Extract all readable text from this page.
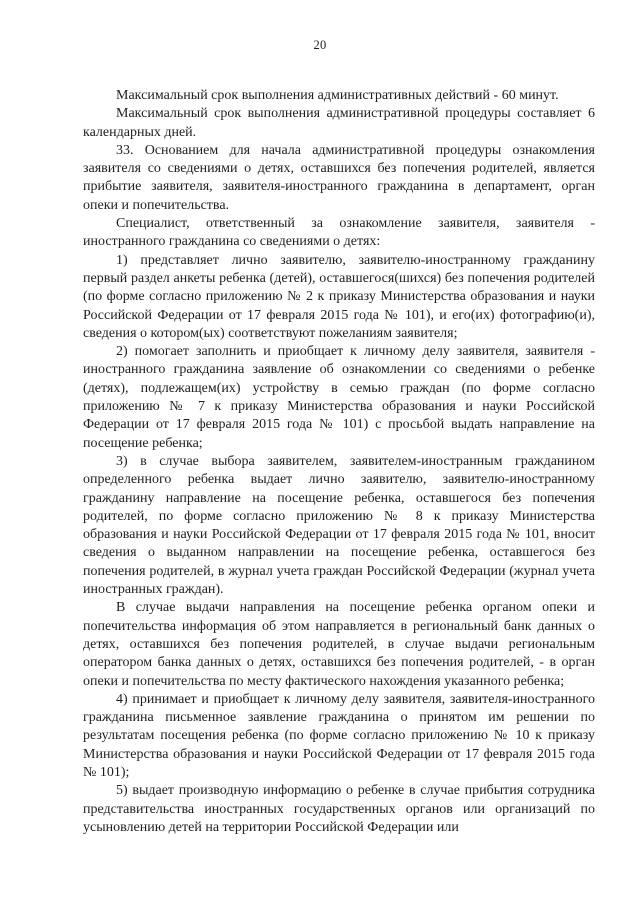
20

Максимальный срок выполнения административных действий - 60 минут.

Максимальный срок выполнения административной процедуры составляет 6 календарных дней.

33. Основанием для начала административной процедуры ознакомления заявителя со сведениями о детях, оставшихся без попечения родителей, является прибытие заявителя, заявителя-иностранного гражданина в департамент, орган опеки и попечительства.

Специалист, ответственный за ознакомление заявителя, заявителя - иностранного гражданина со сведениями о детях:

1) представляет лично заявителю, заявителю-иностранному гражданину первый раздел анкеты ребенка (детей), оставшегося(шихся) без попечения родителей (по форме согласно приложению № 2 к приказу Министерства образования и науки Российской Федерации от 17 февраля 2015 года № 101), и его(их) фотографию(и), сведения о котором(ых) соответствуют пожеланиям заявителя;

2) помогает заполнить и приобщает к личному делу заявителя, заявителя - иностранного гражданина заявление об ознакомлении со сведениями о ребенке (детях), подлежащем(их) устройству в семью граждан (по форме согласно приложению № 7 к приказу Министерства образования и науки Российской Федерации от 17 февраля 2015 года № 101) с просьбой выдать направление на посещение ребенка;

3) в случае выбора заявителем, заявителем-иностранным гражданином определенного ребенка выдает лично заявителю, заявителю-иностранному гражданину направление на посещение ребенка, оставшегося без попечения родителей, по форме согласно приложению № 8 к приказу Министерства образования и науки Российской Федерации от 17 февраля 2015 года № 101, вносит сведения о выданном направлении на посещение ребенка, оставшегося без попечения родителей, в журнал учета граждан Российской Федерации (журнал учета иностранных граждан).

В случае выдачи направления на посещение ребенка органом опеки и попечительства информация об этом направляется в региональный банк данных о детях, оставшихся без попечения родителей, в случае выдачи региональным оператором банка данных о детях, оставшихся без попечения родителей, - в орган опеки и попечительства по месту фактического нахождения указанного ребенка;

4) принимает и приобщает к личному делу заявителя, заявителя-иностранного гражданина письменное заявление гражданина о принятом им решении по результатам посещения ребенка (по форме согласно приложению № 10 к приказу Министерства образования и науки Российской Федерации от 17 февраля 2015 года № 101);

5) выдает производную информацию о ребенке в случае прибытия сотрудника представительства иностранных государственных органов или организаций по усыновлению детей на территории Российской Федерации или
